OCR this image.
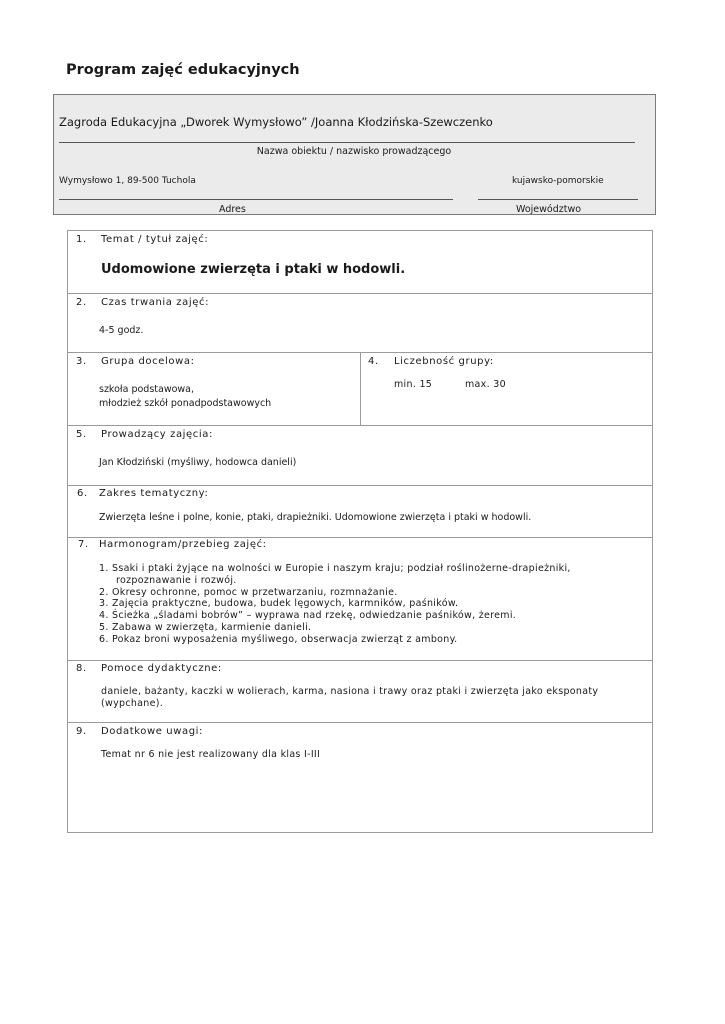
Program zajęć edukacyjnych
Zagroda Edukacyjna „Dworek Wymysłowo” /Joanna Kłodzińska-Szewczenko
Nazwa obiektu / nazwisko prowadzącego
Wymysłowo 1, 89-500 Tuchola	kujawsko-pomorskie
Adres	Województwo
1. Temat / tytuł zajęć:
Udomowione zwierzęta i ptaki w hodowli.
2. Czas trwania zajęć:
4-5 godz.
3. Grupa docelowa:
szkoła podstawowa,
młodzież szkół ponadpodstawowych
4. Liczebność grupy:
min. 15	max. 30
5. Prowadzący zajęcia:
Jan Kłodziński (myśliwy, hodowca danieli)
6. Zakres tematyczny:
Zwierzęta leśne i polne, konie, ptaki, drapieżniki. Udomowione zwierzęta i ptaki w hodowli.
7. Harmonogram/przebieg zajęć:
1. Ssaki i ptaki żyjące na wolności w Europie i naszym kraju; podział roślinożerne-drapieżniki,
rozpoznawanie i rozwój.
2. Okresy ochronne, pomoc w przetwarzaniu, rozmnażanie.
3. Zajęcia praktyczne, budowa, budek lęgowych, karmników, paśników.
4. Ścieżka „śladami bobrów” – wyprawa nad rzekę, odwiedzanie paśników, żeremi.
5. Zabawa w zwierzęta, karmienie danieli.
6. Pokaz broni wyposażenia myśliwego, obserwacja zwierząt z ambony.
8. Pomoce dydaktyczne:
daniele, bażanty, kaczki w wolierach, karma, nasiona i trawy oraz ptaki i zwierzęta jako eksponaty
(wypchane).
9. Dodatkowe uwagi:
Temat nr 6 nie jest realizowany dla klas I-III
